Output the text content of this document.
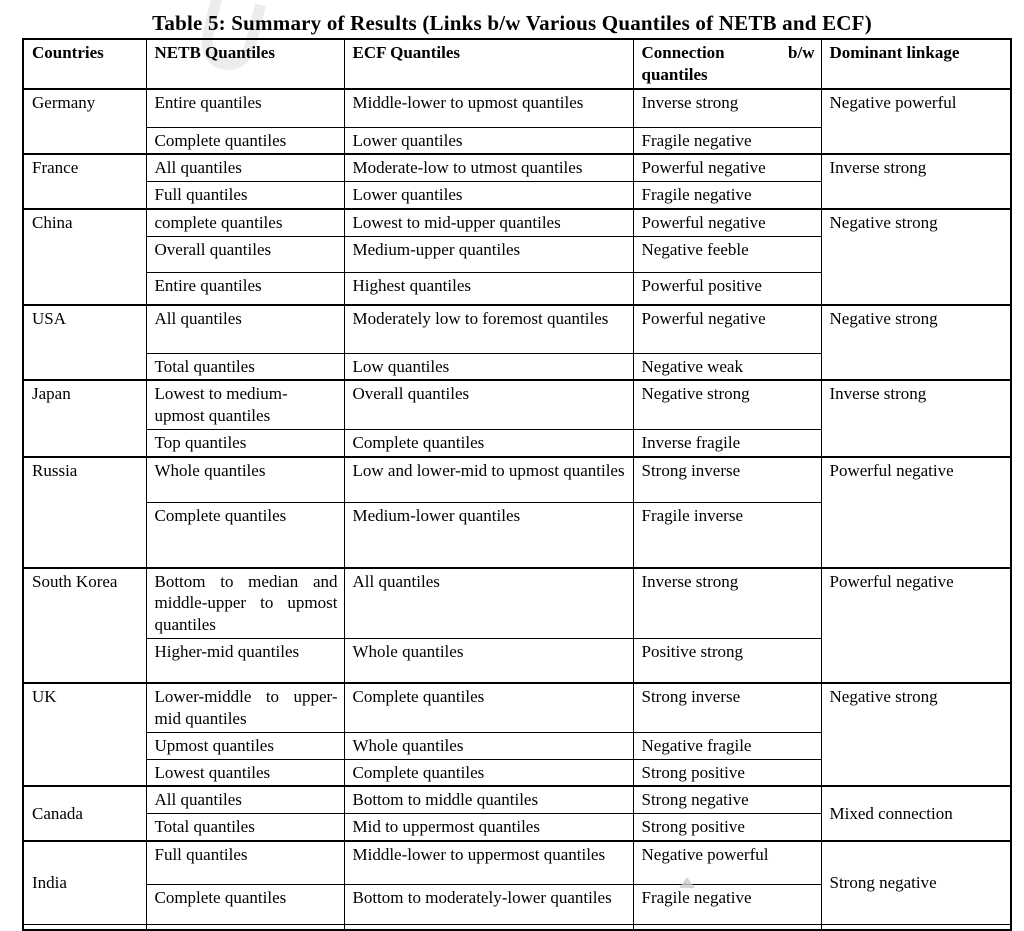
Table 5: Summary of Results (Links b/w Various Quantiles of NETB and ECF)
Countries	NETB Quantiles	ECF Quantiles	Connection b/w quantiles	Dominant linkage
Germany	Entire quantiles	Middle-lower to upmost quantiles	Inverse strong	Negative powerful
	Complete quantiles	Lower quantiles	Fragile negative	
France	All quantiles	Moderate-low to utmost quantiles	Powerful negative	Inverse strong
	Full quantiles	Lower quantiles	Fragile negative	
China	complete quantiles	Lowest to mid-upper quantiles	Powerful negative	Negative strong
	Overall quantiles	Medium-upper quantiles	Negative feeble	
	Entire quantiles	Highest quantiles	Powerful positive	
USA	All quantiles	Moderately low to foremost quantiles	Powerful negative	Negative strong
	Total quantiles	Low quantiles	Negative weak	
Japan	Lowest to medium-upmost quantiles	Overall quantiles	Negative strong	Inverse strong
	Top quantiles	Complete quantiles	Inverse fragile	
Russia	Whole quantiles	Low and lower-mid to upmost quantiles	Strong inverse	Powerful negative
	Complete quantiles	Medium-lower quantiles	Fragile inverse	
South Korea	Bottom to median and middle-upper to upmost quantiles	All quantiles	Inverse strong	Powerful negative
	Higher-mid quantiles	Whole quantiles	Positive strong	
UK	Lower-middle to upper-mid quantiles	Complete quantiles	Strong inverse	Negative strong
	Upmost quantiles	Whole quantiles	Negative fragile	
	Lowest quantiles	Complete quantiles	Strong positive	
Canada	All quantiles	Bottom to middle quantiles	Strong negative	Mixed connection
	Total quantiles	Mid to uppermost quantiles	Strong positive	
India	Full quantiles	Middle-lower to uppermost quantiles	Negative powerful	Strong negative
	Complete quantiles	Bottom to moderately-lower quantiles	Fragile negative	
